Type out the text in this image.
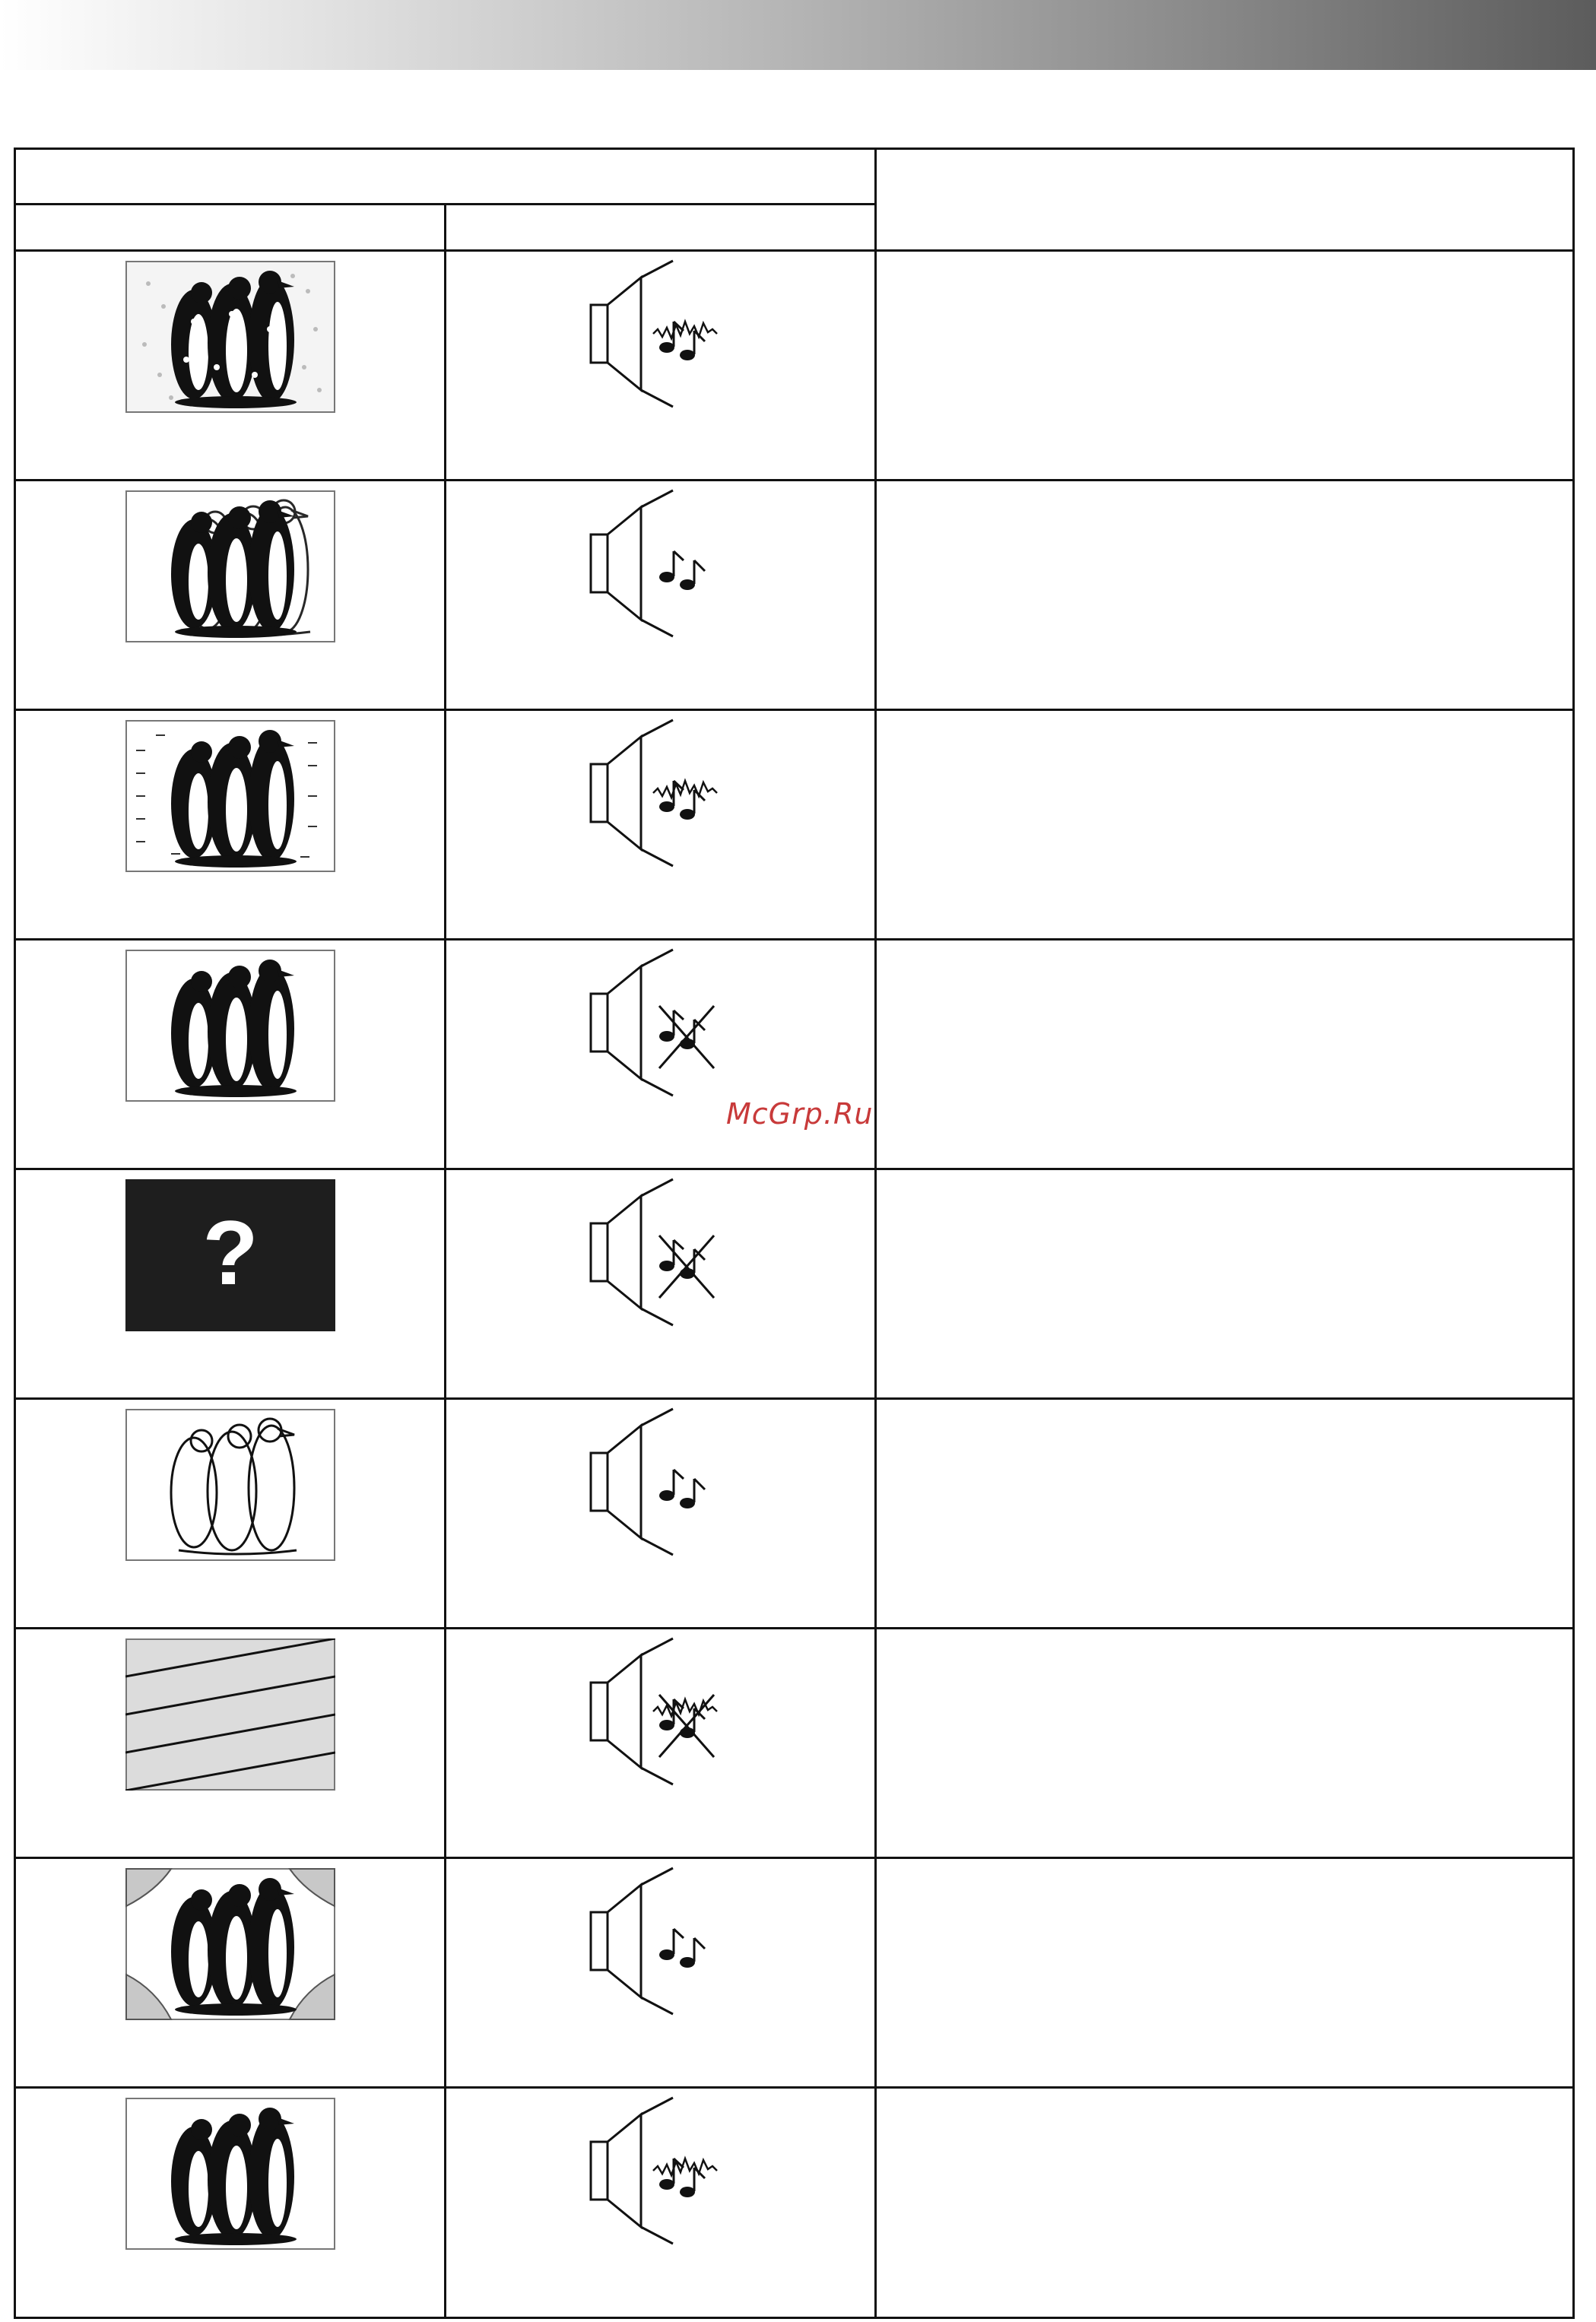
?

McGrp.Ru
